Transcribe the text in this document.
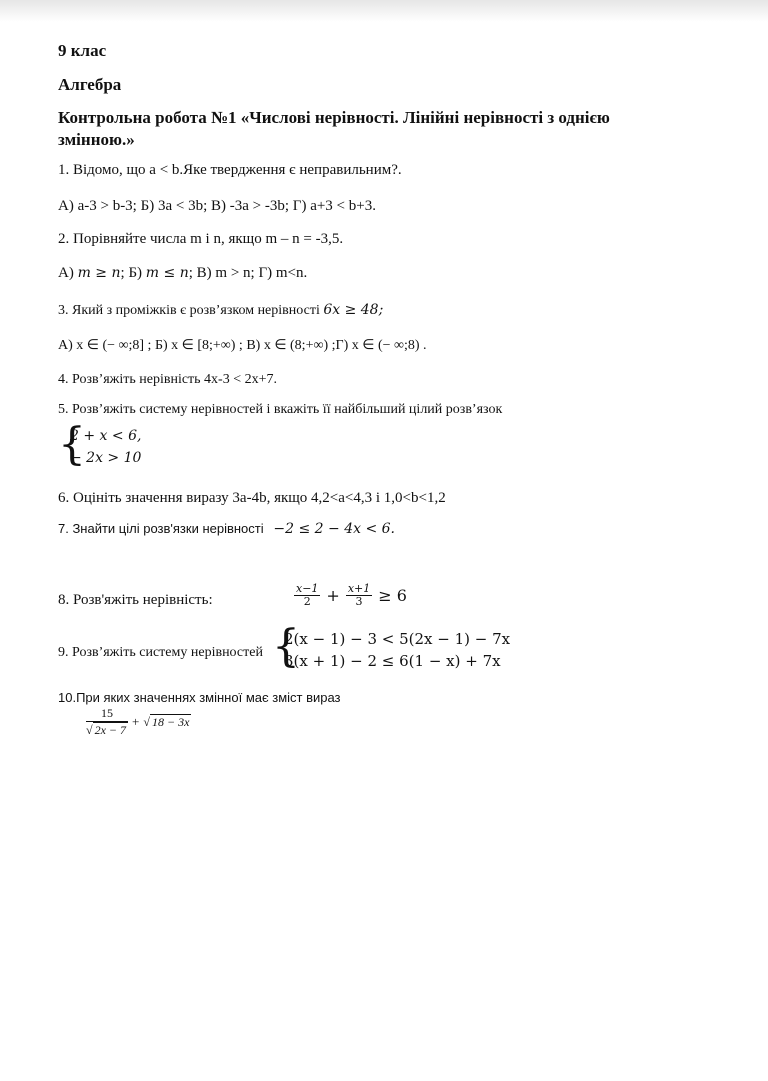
9 клас
Алгебра
Контрольна робота №1 «Числові нерівності. Лінійні нерівності з однією змінною.»
1. Відомо, що a < b.Яке твердження є неправильним?.
А) a-3 > b-3; Б) 3a < 3b; В) -3a > -3b; Г) a+3 < b+3.
2. Порівняйте числа m і n, якщо m – n = -3,5.
А) m ≥ n; Б) m ≤ n; В) m > n; Г) m<n.
3. Який з проміжків є розв’язком нерівності 6x ≥ 48;
А) x ∈ (− ∞;8] ; Б) x ∈ [8;+∞) ; В) x ∈ (8;+∞) ;Г) x ∈ (− ∞;8) .
4. Розв’яжіть нерівність 4x-3 < 2x+7.
5. Розв’яжіть систему нерівностей і вкажіть її найбільший цілий розв’язок
{
2 + x < 6,
− 2x > 10
6. Оцініть значення виразу 3a-4b, якщо 4,2<a<4,3 і 1,0<b<1,2
7. Знайти цілі розв'язки нерівності −2 ≤ 2 − 4x < 6.
8. Розв'яжіть нерівність:	$\frac{x-1}{2} + \frac{x+1}{3} \ge 6$
9. Розв’яжіть систему нерівностей {
2(x − 1) − 3 < 5(2x − 1) − 7x
3(x + 1) − 2 ≤ 6(1 − x) + 7x
10.При яких значеннях змінної має зміст вираз
$\frac{15}{√ 2x - 7}$ + √ 18 − 3x
